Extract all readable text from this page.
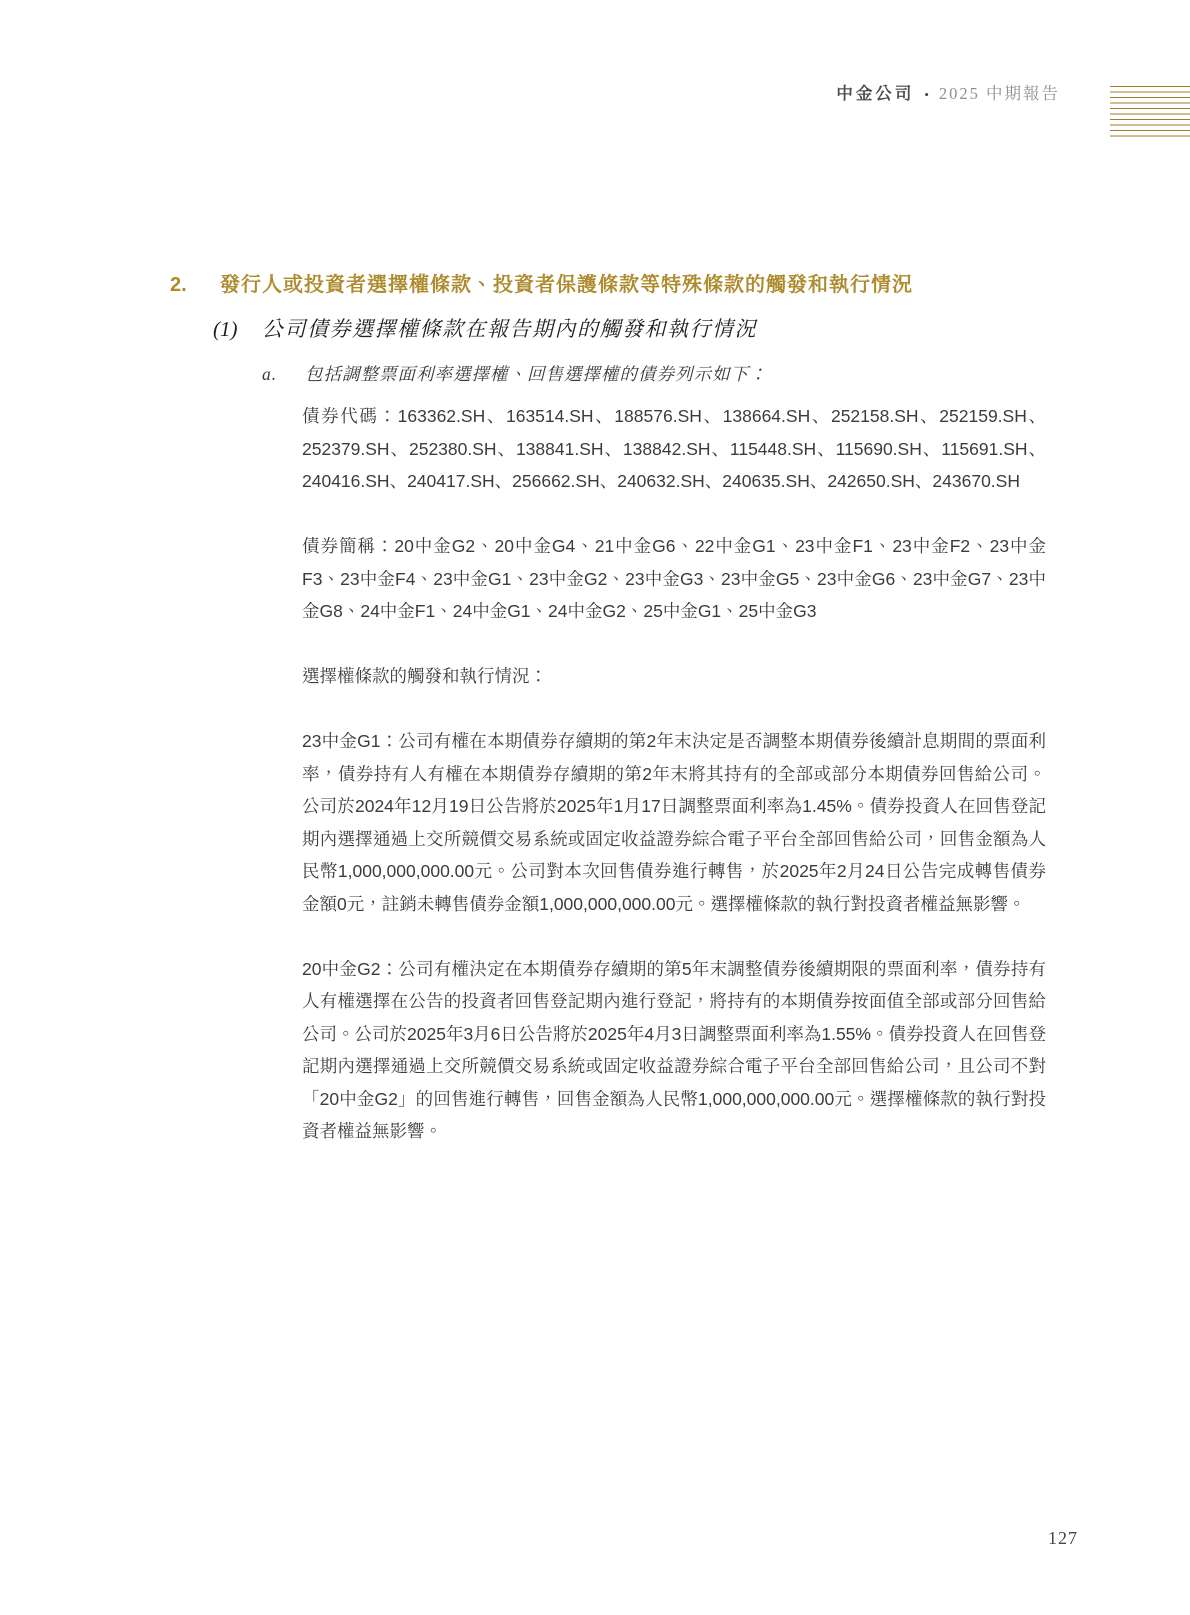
中金公司 • 2025 中期報告
2.	發行人或投資者選擇權條款、投資者保護條款等特殊條款的觸發和執行情況
(1)	公司債券選擇權條款在報告期內的觸發和執行情況
a.	包括調整票面利率選擇權、回售選擇權的債券列示如下：

債券代碼：163362.SH、163514.SH、188576.SH、138664.SH、252158.SH、252159.SH、252379.SH、252380.SH、138841.SH、138842.SH、115448.SH、115690.SH、115691.SH、240416.SH、240417.SH、256662.SH、240632.SH、240635.SH、242650.SH、243670.SH

債券簡稱：20中金G2、20中金G4、21中金G6、22中金G1、23中金F1、23中金F2、23中金F3、23中金F4、23中金G1、23中金G2、23中金G3、23中金G5、23中金G6、23中金G7、23中金G8、24中金F1、24中金G1、24中金G2、25中金G1、25中金G3

選擇權條款的觸發和執行情況：

23中金G1：公司有權在本期債券存續期的第2年末決定是否調整本期債券後續計息期間的票面利率，債券持有人有權在本期債券存續期的第2年末將其持有的全部或部分本期債券回售給公司。公司於2024年12月19日公告將於2025年1月17日調整票面利率為1.45%。債券投資人在回售登記期內選擇通過上交所競價交易系統或固定收益證券綜合電子平台全部回售給公司，回售金額為人民幣1,000,000,000.00元。公司對本次回售債券進行轉售，於2025年2月24日公告完成轉售債券金額0元，註銷未轉售債券金額1,000,000,000.00元。選擇權條款的執行對投資者權益無影響。

20中金G2：公司有權決定在本期債券存續期的第5年末調整債券後續期限的票面利率，債券持有人有權選擇在公告的投資者回售登記期內進行登記，將持有的本期債券按面值全部或部分回售給公司。公司於2025年3月6日公告將於2025年4月3日調整票面利率為1.55%。債券投資人在回售登記期內選擇通過上交所競價交易系統或固定收益證券綜合電子平台全部回售給公司，且公司不對「20中金G2」的回售進行轉售，回售金額為人民幣1,000,000,000.00元。選擇權條款的執行對投資者權益無影響。

127
